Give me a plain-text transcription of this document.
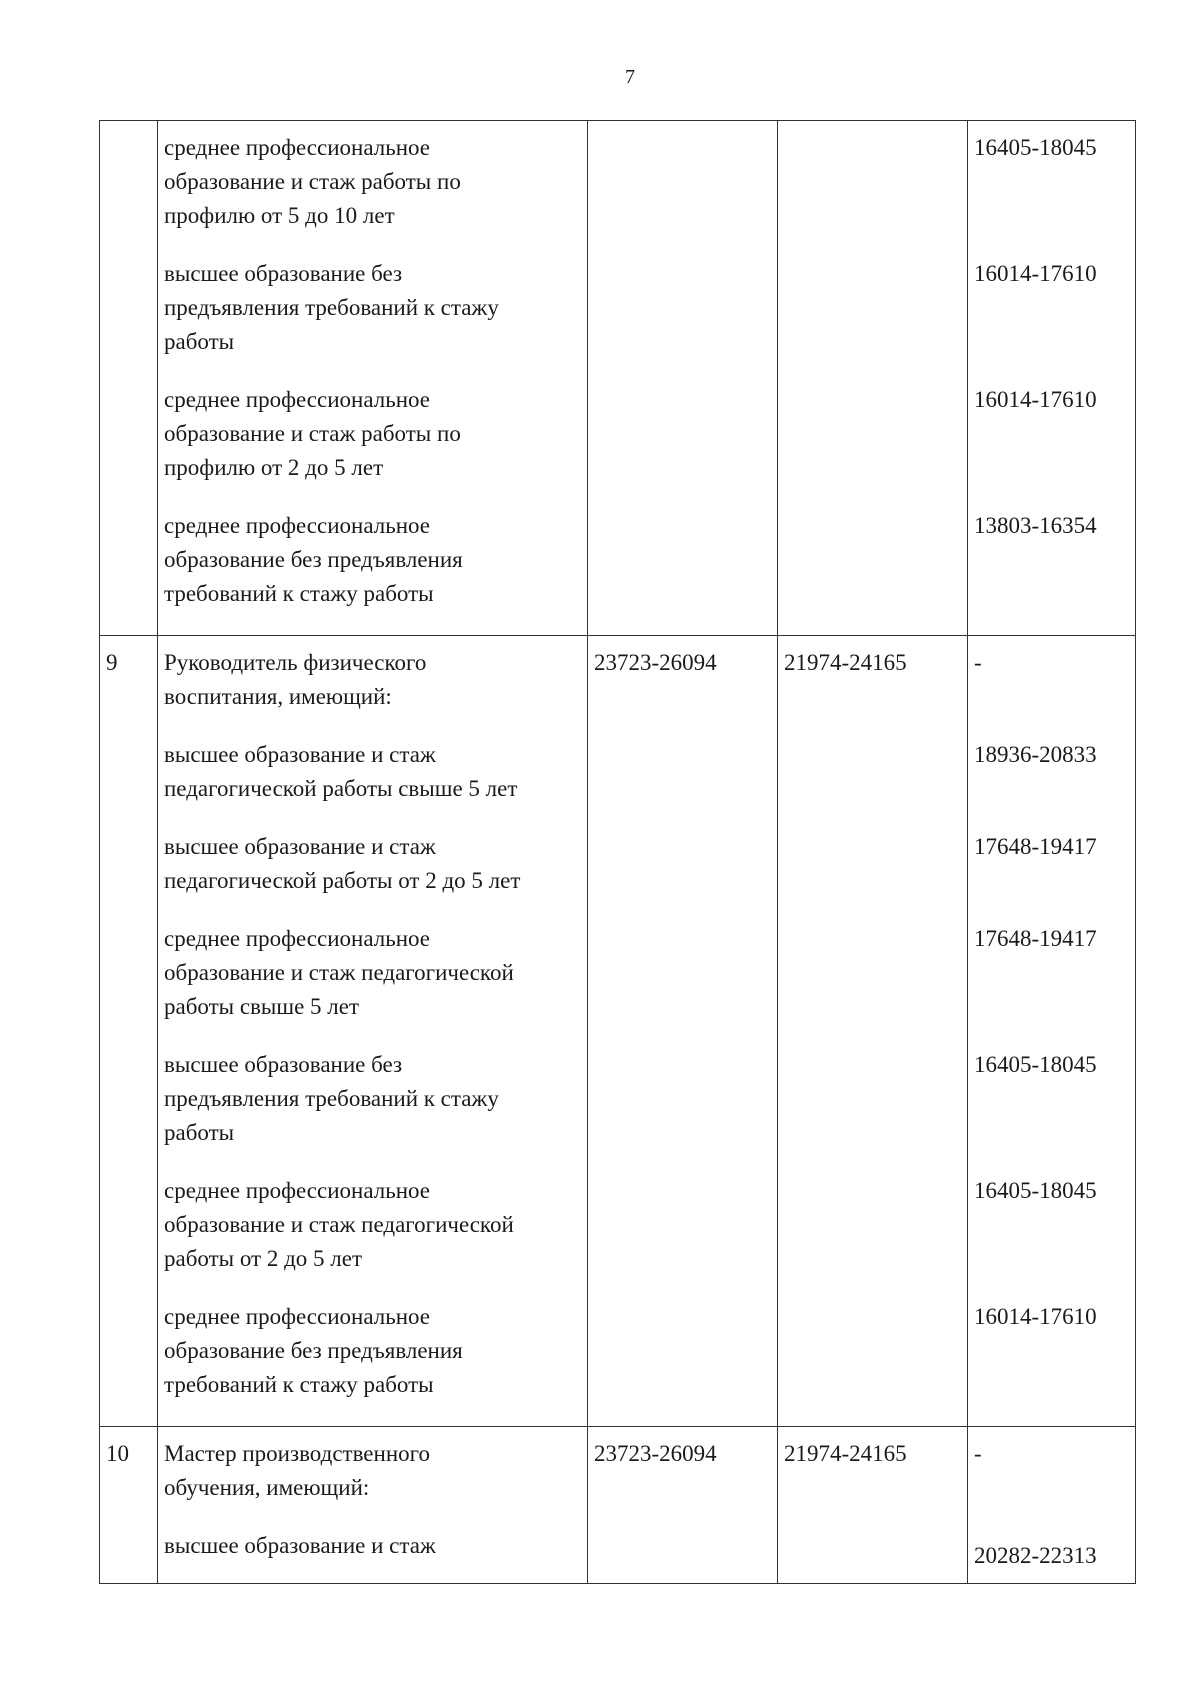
7

	среднее профессиональное
образование и стаж работы по
профилю от 5 до 10 лет			16405-18045

	высшее образование без
предъявления требований к стажу
работы			16014-17610

	среднее профессиональное
образование и стаж работы по
профилю от 2 до 5 лет			16014-17610

	среднее профессиональное
образование без предъявления
требований к стажу работы			13803-16354
9	Руководитель физического
воспитания, имеющий:	23723-26094	21974-24165	-

	высшее образование и стаж
педагогической работы свыше 5 лет			18936-20833

	высшее образование и стаж
педагогической работы от 2 до 5 лет			17648-19417

	среднее профессиональное
образование и стаж педагогической
работы свыше 5 лет			17648-19417

	высшее образование без
предъявления требований к стажу
работы			16405-18045

	среднее профессиональное
образование и стаж педагогической
работы от 2 до 5 лет			16405-18045

	среднее профессиональное
образование без предъявления
требований к стажу работы			16014-17610
10	Мастер производственного
обучения, имеющий:	23723-26094	21974-24165	-

	высшее образование и стаж			20282-22313
